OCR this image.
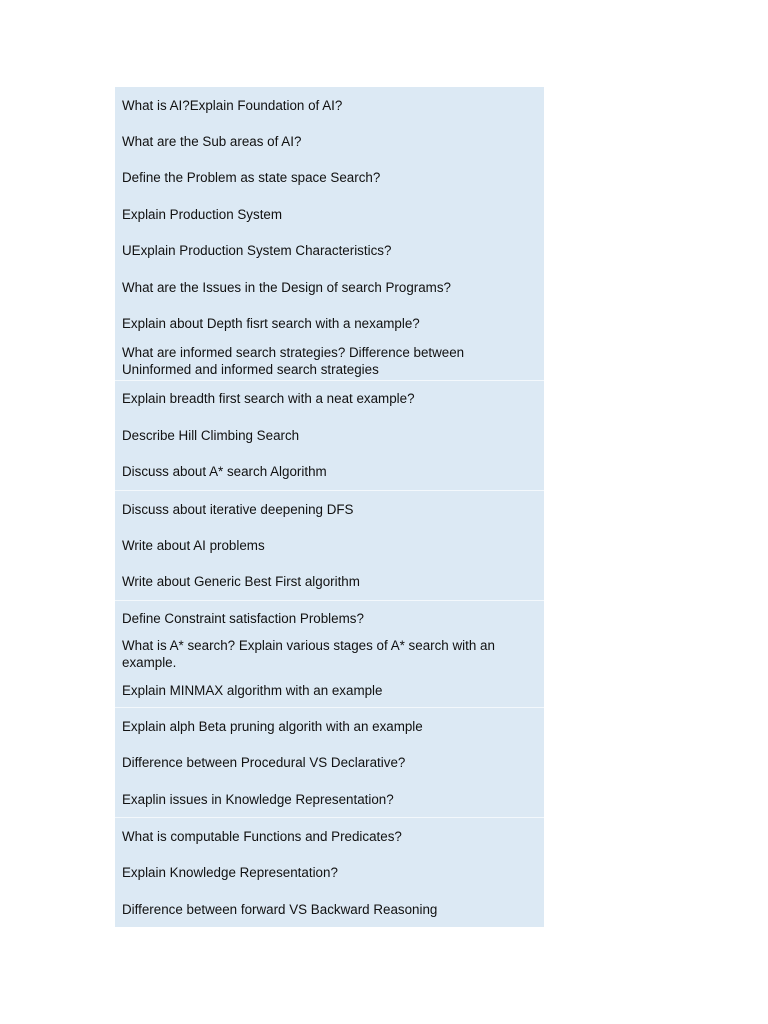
What is AI?Explain Foundation of AI?
What are the Sub areas of AI?
Define the Problem as state space Search?
Explain Production System
UExplain Production System Characteristics?
What are the Issues in the Design of search Programs?
Explain about Depth fisrt search with a nexample?
What are informed search strategies? Difference between Uninformed and informed search strategies
Explain breadth first search with a neat example?
Describe Hill Climbing Search
Discuss about A* search Algorithm
Discuss about iterative deepening DFS
Write about AI problems
Write about Generic Best First algorithm
Define Constraint satisfaction Problems?
What is A* search? Explain various stages of A* search with an example.
Explain MINMAX algorithm with an example
Explain alph Beta pruning algorith with an example
Difference between Procedural VS Declarative?
Exaplin issues in Knowledge Representation?
What is computable Functions and Predicates?
Explain Knowledge Representation?
Difference between forward VS Backward Reasoning
